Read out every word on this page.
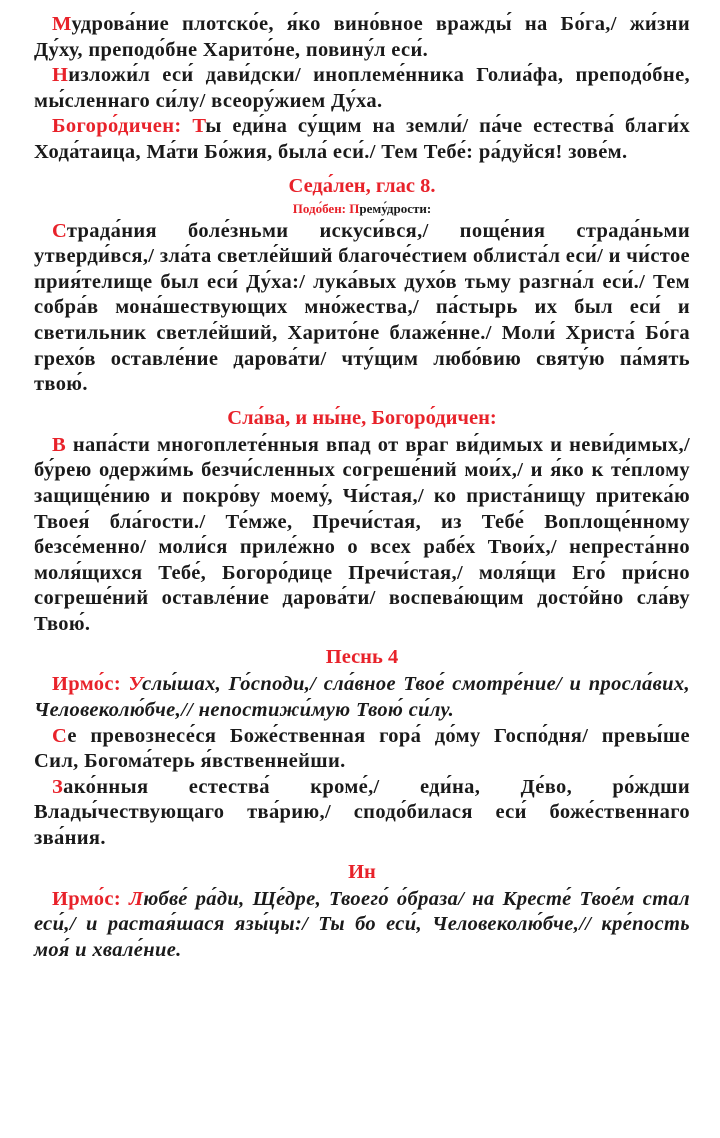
Мудрова́ние плотско́е, я́ко вино́вное вражды́ на Бо́га,/ жи́зни Ду́ху, преподо́бне Харито́не, повину́л еси́.

Низложи́л еси́ дави́дски/ иноплеме́нника Голиа́фа, преподо́бне, мы́сленнаго си́лу/ всеору́жием Ду́ха.

Богоро́дичен: Ты еди́на су́щим на земли́/ па́че естества́ благи́х Хода́таица, Ма́ти Бо́жия, была́ еси́./ Тем Тебе́: ра́дуйся! зове́м.

Седа́лен, глас 8.
Подо́бен: Прему́дрости:

Страда́ния боле́зньми искуси́вся,/ поще́ния страда́ньми утверди́вся,/ зла́та светле́йший благоче́стием облиста́л еси́/ и чи́стое прия́телище был еси́ Ду́ха:/ лука́вых духо́в тьму разгна́л еси́./ Тем собра́в мона́шествующих мно́жества,/ па́стырь их был еси́ и светильник светле́йший, Харито́не блаже́нне./ Моли́ Христа́ Бо́га грехо́в оставле́ние дарова́ти/ чту́щим любо́вию святу́ю па́мять твою́.

Сла́ва, и ны́не, Богоро́дичен:

В напа́сти многоплете́нныя впад от враг ви́димых и неви́димых,/ бу́рею одержи́мь безчи́сленных согреше́ний мои́х,/ и я́ко к те́плому защище́нию и покро́ву моему́, Чи́стая,/ ко приста́нищу притека́ю Твоея́ бла́гости./ Те́мже, Пречи́стая, из Тебе́ Воплоще́нному безсе́менно/ моли́ся приле́жно о всех рабе́х Твои́х,/ непреста́нно моля́щихся Тебе́, Богоро́дице Пречи́стая,/ моля́щи Его́ при́сно согреше́ний оставле́ние дарова́ти/ воспева́ющим досто́йно сла́ву Твою́.

Песнь 4

Ирмо́с: Услы́шах, Го́споди,/ сла́вное Твое́ смотре́ние/ и просла́вих, Человеколю́бче,// непостижи́мую Твою́ си́лу.

Се превознесе́ся Боже́ственная гора́ до́му Госпо́дня/ превы́ше Сил, Богома́терь я́вственнейши.

Зако́нныя естества́ кроме́,/ еди́на, Де́во, ро́ждши Влады́чествующаго тва́рию,/ сподо́билася еси́ боже́ственнаго зва́ния.

Ин

Ирмо́с: Любве́ ра́ди, Ще́дре, Твоего́ о́браза/ на Кресте́ Твое́м стал еси́,/ и растая́шася язы́цы:/ Ты бо еси́, Человеколю́бче,// кре́пость моя́ и хвале́ние.
